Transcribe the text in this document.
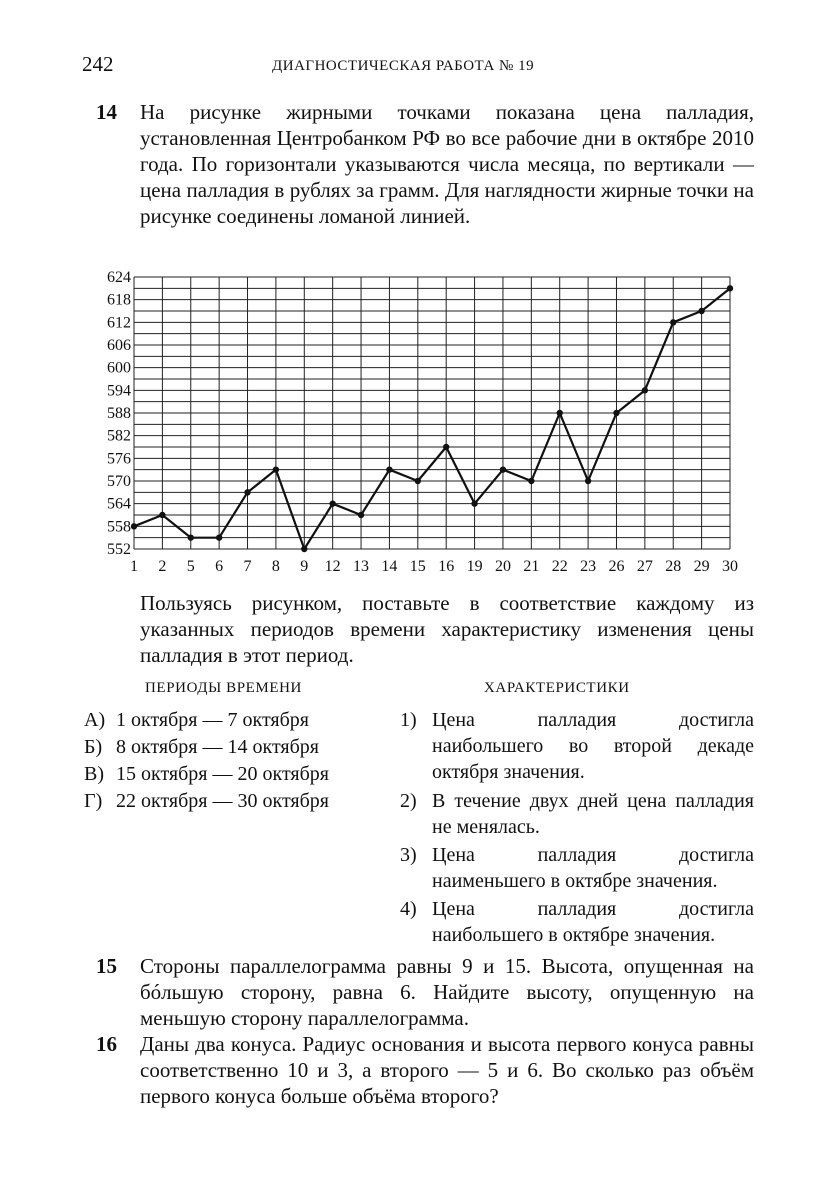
242	ДИАГНОСТИЧЕСКАЯ РАБОТА № 19
14 На рисунке жирными точками показана цена палладия, установленная Центробанком РФ во все рабочие дни в октябре 2010 года. По горизонтали указываются числа месяца, по вертикали — цена палладия в рублях за грамм. Для наглядности жирные точки на рисунке соединены ломаной линией.
552
558
564
570
576
582
588
594
600
606
612
618
624
1 2 5 6 7 8 9 12 13 14 15 16 19 20 21 22 23 26 27 28 29 30
Пользуясь рисунком, поставьте в соответствие каждому из указанных периодов времени характеристику изменения цены палладия в этот период.
ПЕРИОДЫ ВРЕМЕНИ	ХАРАКТЕРИСТИКИ
А) 1 октября — 7 октября
Б) 8 октября — 14 октября
В) 15 октября — 20 октября
Г) 22 октября — 30 октября
1) Цена палладия достигла наибольшего во второй декаде октября значения.
2) В течение двух дней цена палладия не менялась.
3) Цена палладия достигла наименьшего в октябре значения.
4) Цена палладия достигла наибольшего в октябре значения.
15 Стороны параллелограмма равны 9 и 15. Высота, опущенная на бóльшую сторону, равна 6. Найдите высоту, опущенную на меньшую сторону параллелограмма.
16 Даны два конуса. Радиус основания и высота первого конуса равны соответственно 10 и 3, а второго — 5 и 6. Во сколько раз объём первого конуса больше объёма второго?
